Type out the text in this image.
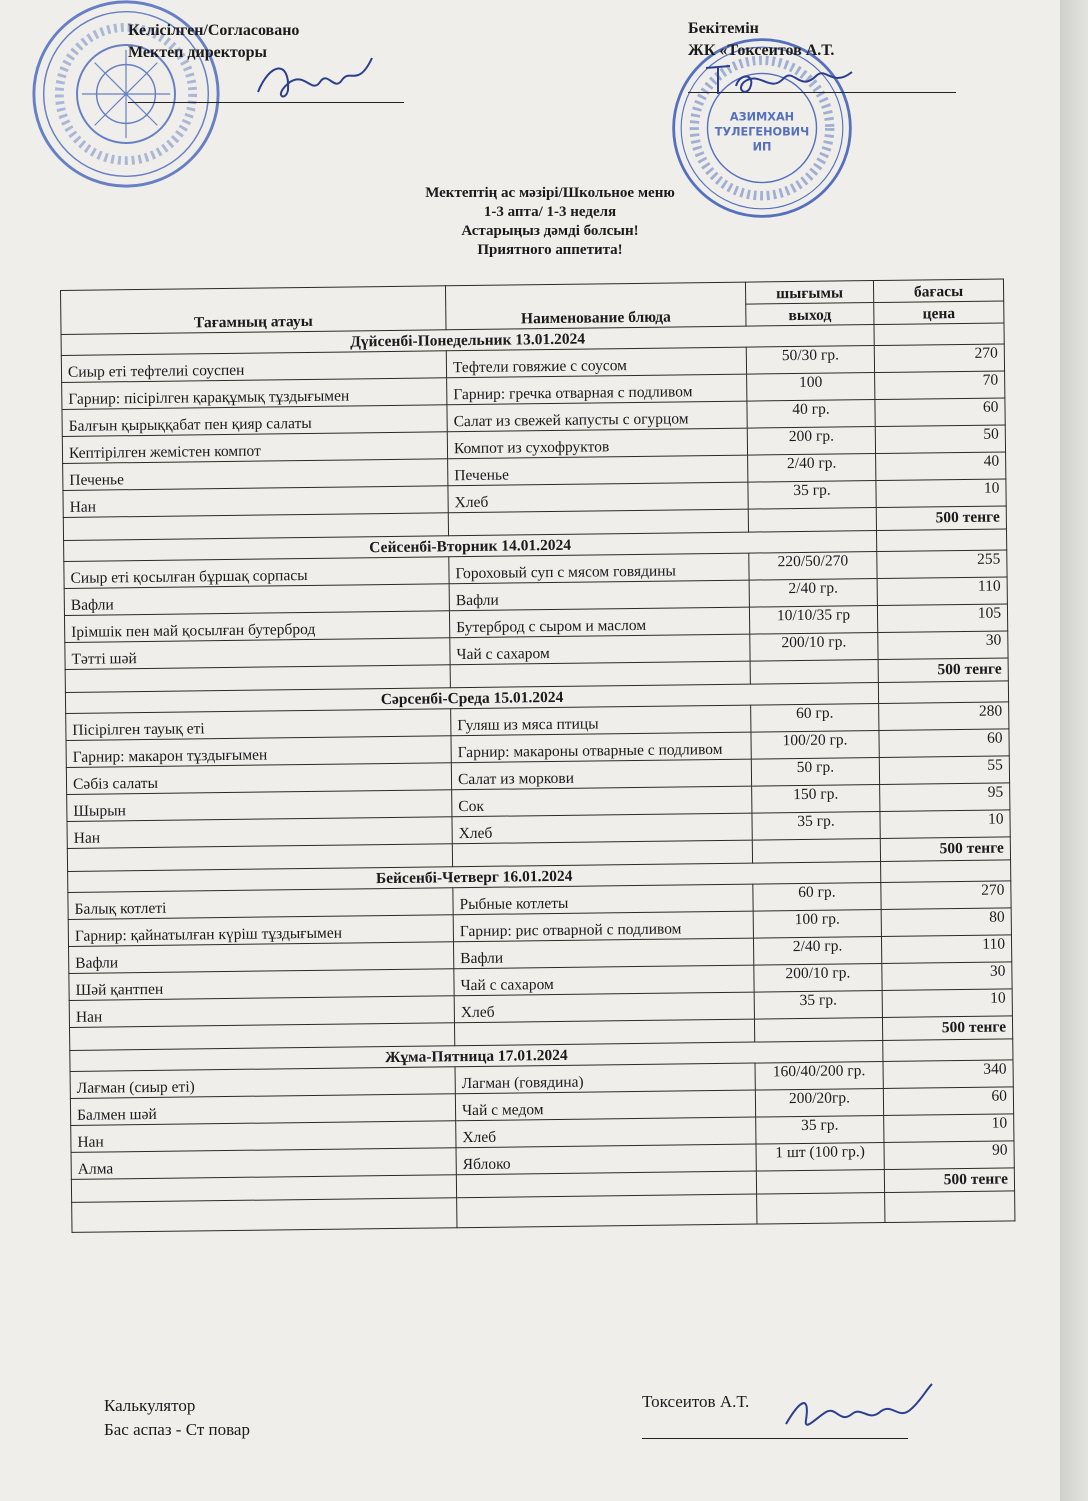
АЗИМХАН
ТУЛЕГЕНОВИЧ
ИП
Келісілген/Согласовано
Мектеп директоры
Бекітемін
ЖК «Токсеитов А.Т.
Мектептің ас мәзірі/Школьное меню
1-3 апта/ 1-3 неделя
Астарыңыз дәмді болсын!
Приятного аппетита!
Тағамның атауы	Наименование блюда	шығымы	бағасы
		выход	цена
Дүйсенбі-Понедельник 13.01.2024			
Сиыр еті тефтелиі соуспен	Тефтели говяжие с соусом	50/30 гр.	270
Гарнир: пісірілген қарақұмық тұздығымен	Гарнир: гречка отварная с подливом	100	70
Балғын қырыққабат пен қияр салаты	Салат из свежей капусты с огурцом	40 гр.	60
Кептірілген жемістен компот	Компот из сухофруктов	200 гр.	50
Печенье	Печенье	2/40 гр.	40
Нан	Хлеб	35 гр.	10
			500 тенге
Сейсенбі-Вторник 14.01.2024			
Сиыр еті қосылған бұршақ сорпасы	Гороховый суп с мясом говядины	220/50/270	255
Вафли	Вафли	2/40 гр.	110
Ірімшік пен май қосылған бутерброд	Бутерброд с сыром и маслом	10/10/35 гр	105
Тәтті шәй	Чай с сахаром	200/10 гр.	30
			500 тенге
Сәрсенбі-Среда 15.01.2024			
Пісірілген тауық еті	Гуляш из мяса птицы	60 гр.	280
Гарнир: макарон тұздығымен	Гарнир: макароны отварные с подливом	100/20 гр.	60
Сәбіз салаты	Салат из моркови	50 гр.	55
Шырын	Сок	150 гр.	95
Нан	Хлеб	35 гр.	10
			500 тенге
Бейсенбі-Четверг 16.01.2024			
Балық котлеті	Рыбные котлеты	60 гр.	270
Гарнир: қайнатылған күріш тұздығымен	Гарнир: рис отварной с подливом	100 гр.	80
Вафли	Вафли	2/40 гр.	110
Шәй қантпен	Чай с сахаром	200/10 гр.	30
Нан	Хлеб	35 гр.	10
			500 тенге
Жұма-Пятница 17.01.2024			
Лағман (сиыр еті)	Лагман (говядина)	160/40/200 гр.	340
Балмен шәй	Чай с медом	200/20гр.	60
Нан	Хлеб	35 гр.	10
Алма	Яблоко	1 шт (100 гр.)	90
			500 тенге

Калькулятор
Бас аспаз - Ст повар
Токсеитов А.Т.
